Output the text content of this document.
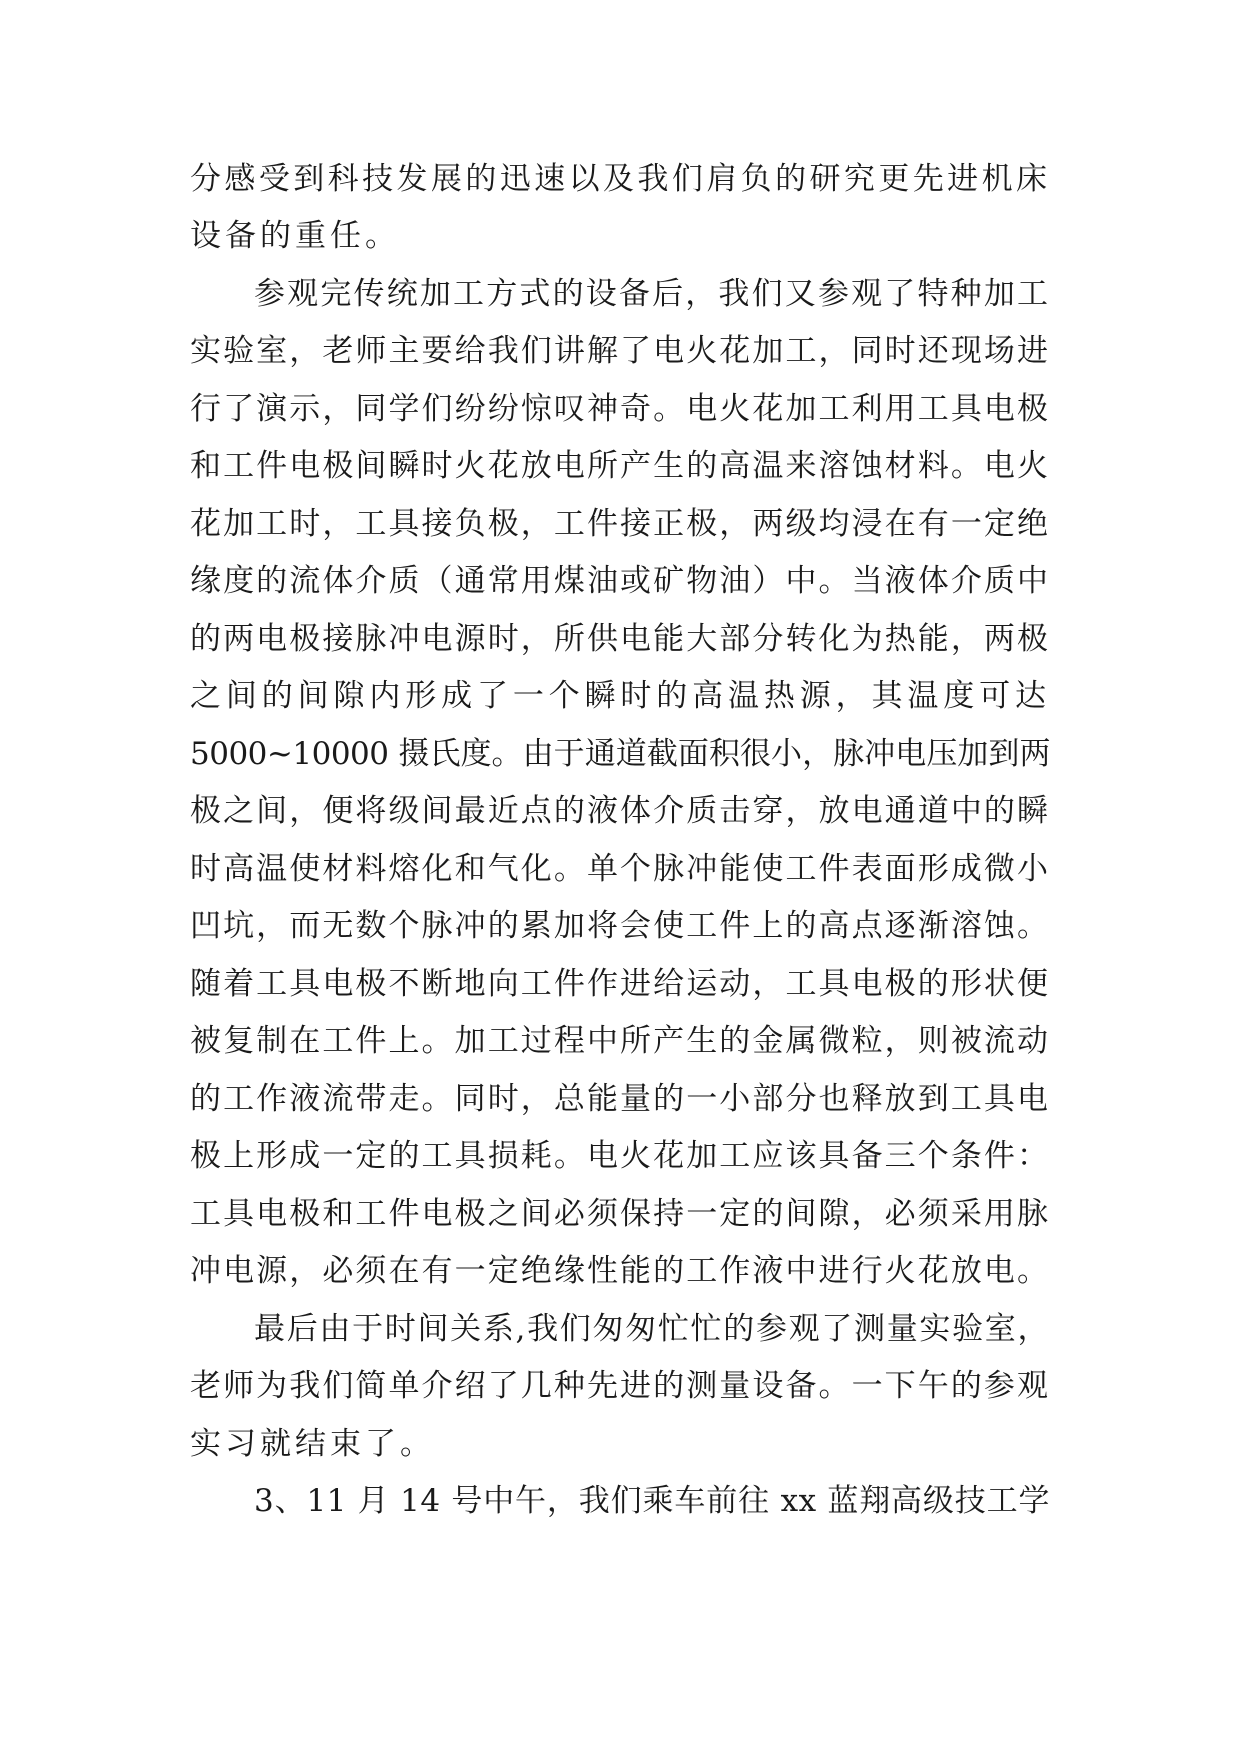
分感受到科技发展的迅速以及我们肩负的研究更先进机床
设备的重任。
参观完传统加工方式的设备后，我们又参观了特种加工
实验室，老师主要给我们讲解了电火花加工，同时还现场进
行了演示，同学们纷纷惊叹神奇。电火花加工利用工具电极
和工件电极间瞬时火花放电所产生的高温来溶蚀材料。电火
花加工时，工具接负极，工件接正极，两级均浸在有一定绝
缘度的流体介质（通常用煤油或矿物油）中。当液体介质中
的两电极接脉冲电源时，所供电能大部分转化为热能，两极
之间的间隙内形成了一个瞬时的高温热源，其温度可达
5000~10000 摄氏度。由于通道截面积很小，脉冲电压加到两
极之间，便将级间最近点的液体介质击穿，放电通道中的瞬
时高温使材料熔化和气化。单个脉冲能使工件表面形成微小
凹坑，而无数个脉冲的累加将会使工件上的高点逐渐溶蚀。
随着工具电极不断地向工件作进给运动，工具电极的形状便
被复制在工件上。加工过程中所产生的金属微粒，则被流动
的工作液流带走。同时，总能量的一小部分也释放到工具电
极上形成一定的工具损耗。电火花加工应该具备三个条件：
工具电极和工件电极之间必须保持一定的间隙，必须采用脉
冲电源，必须在有一定绝缘性能的工作液中进行火花放电。
最后由于时间关系,我们匆匆忙忙的参观了测量实验室，
老师为我们简单介绍了几种先进的测量设备。一下午的参观
实习就结束了。
3、11 月 14 号中午，我们乘车前往 xx 蓝翔高级技工学
